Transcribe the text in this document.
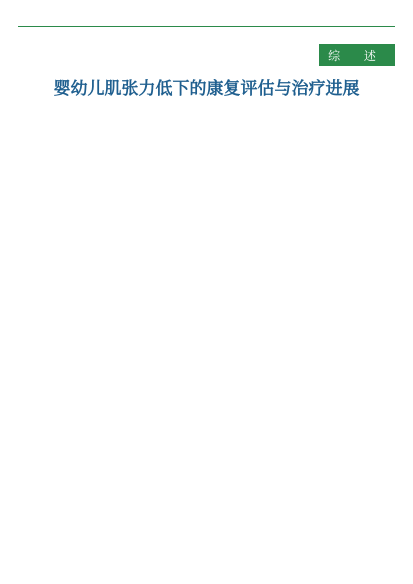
综 述
婴幼儿肌张力低下的康复评估与治疗进展
